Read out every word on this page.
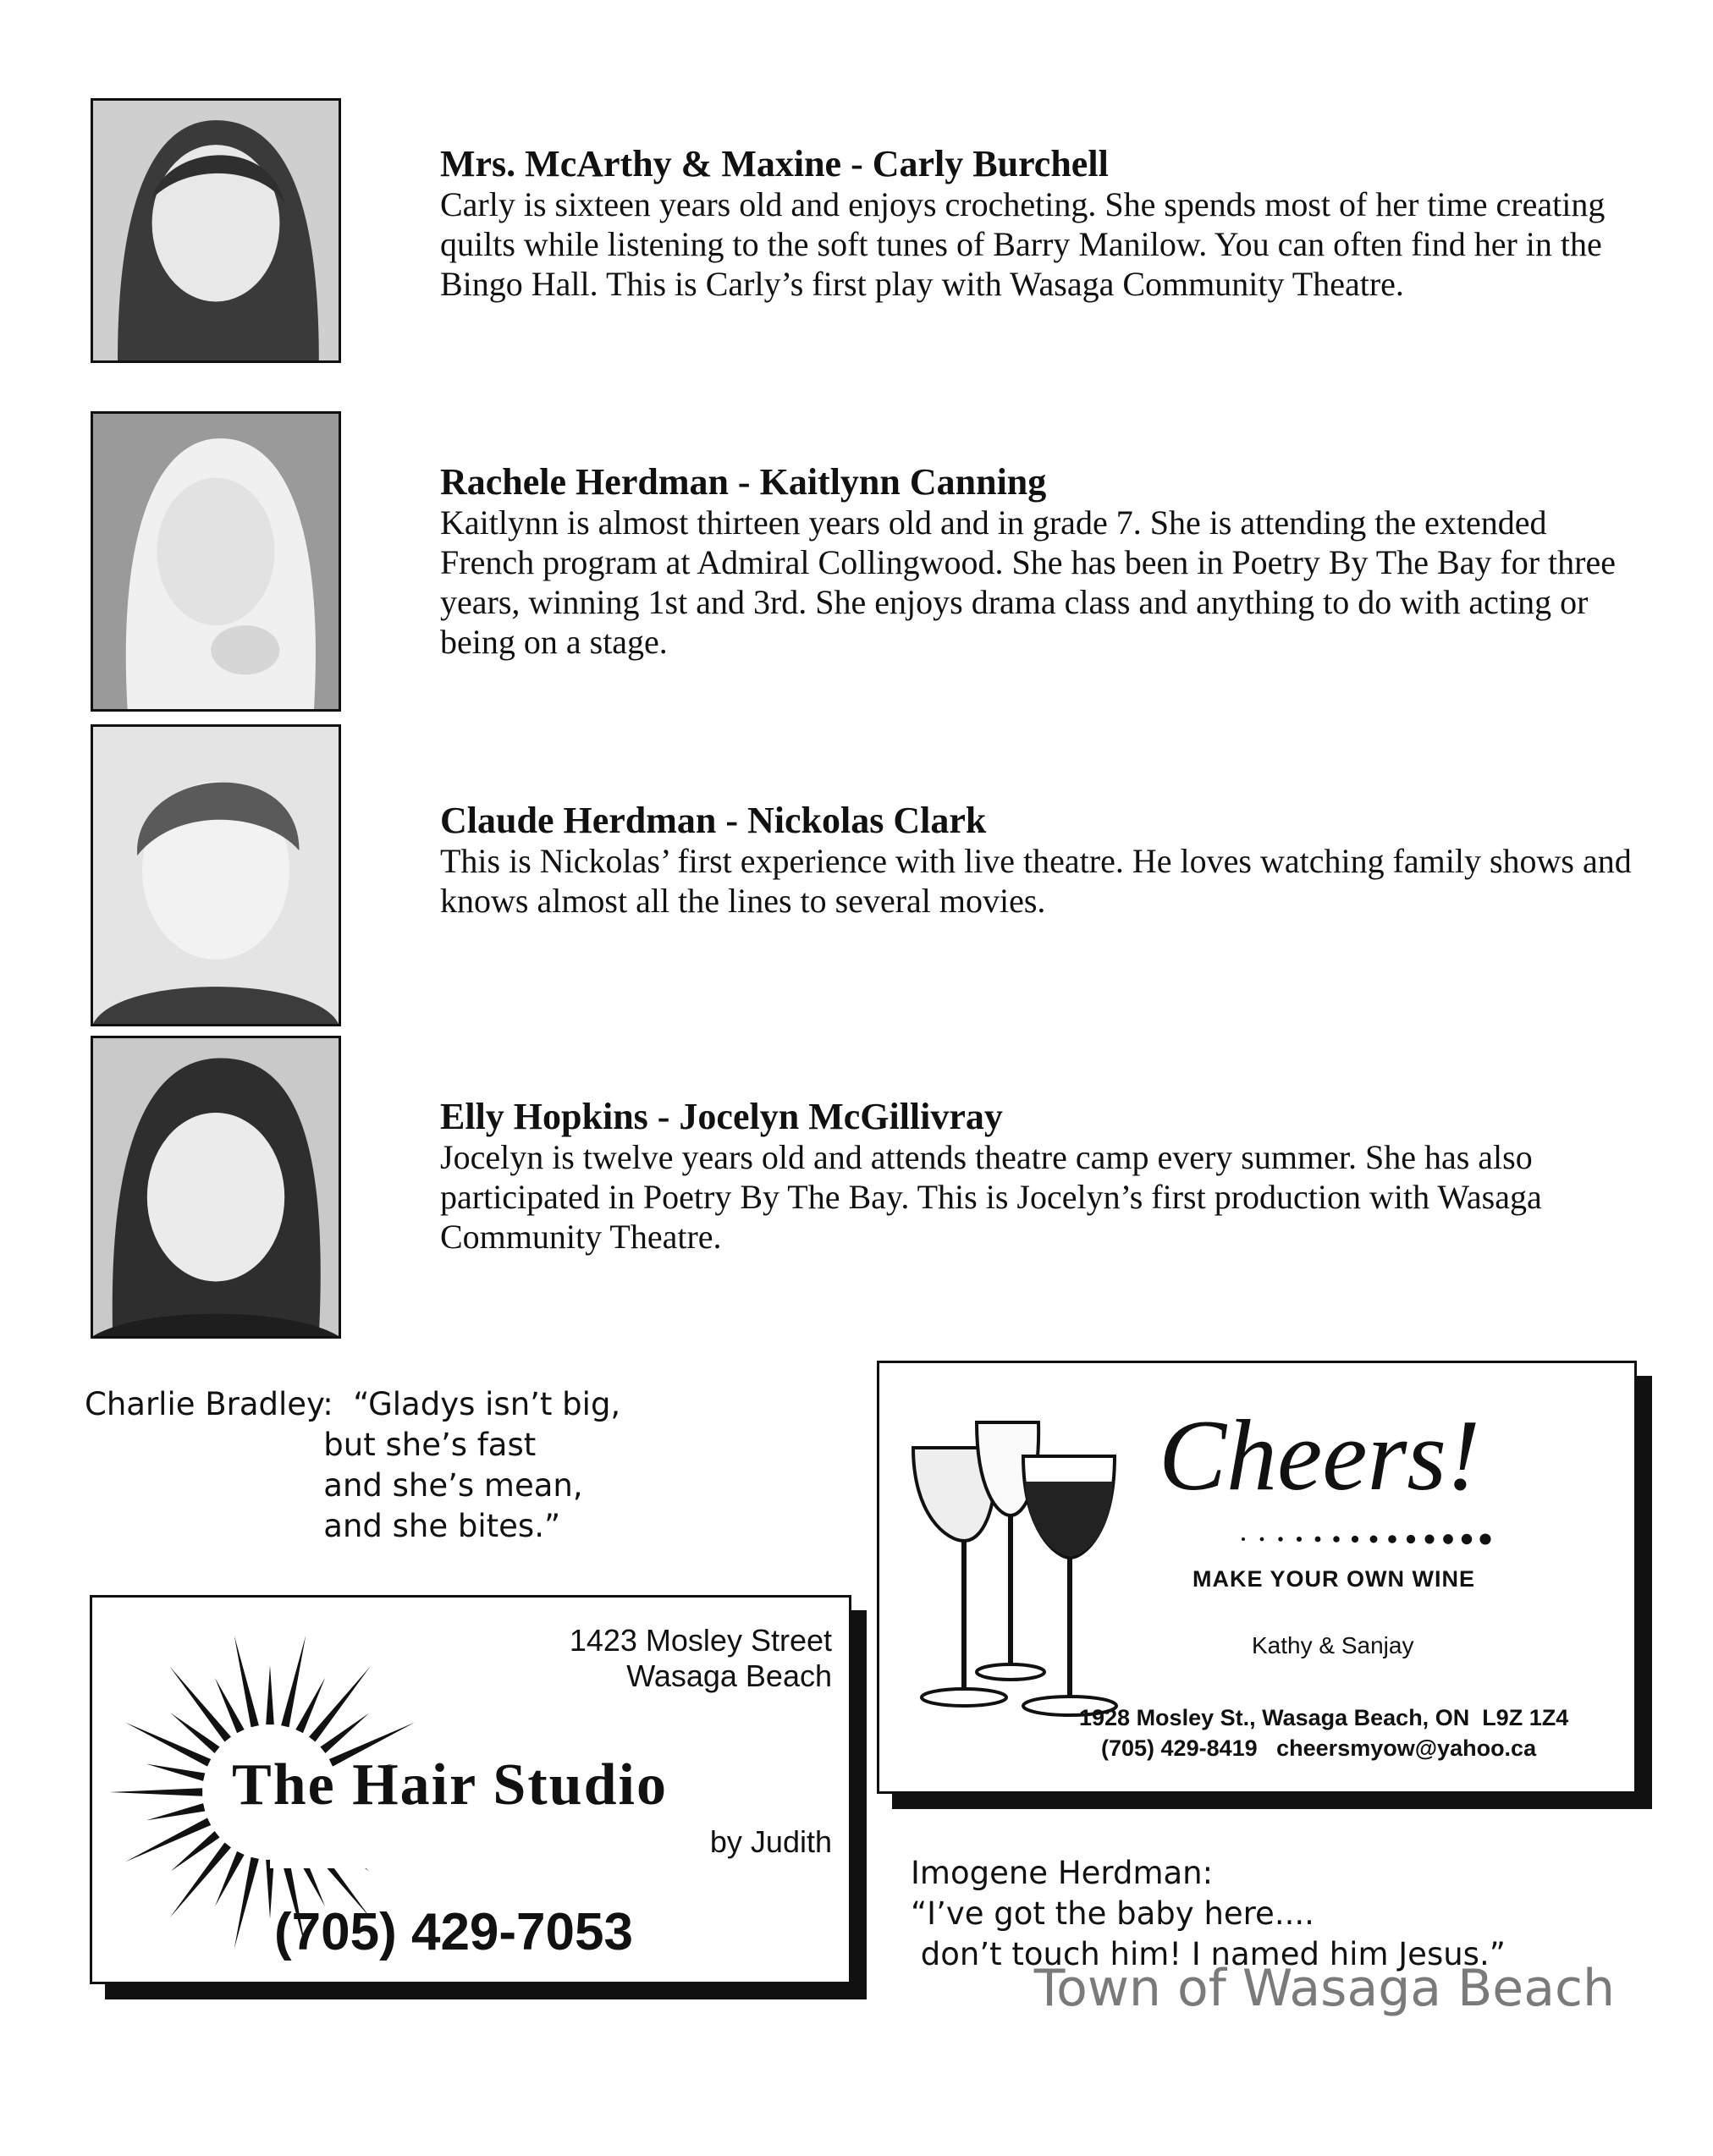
Mrs. McArthy & Maxine - Carly Burchell

Carly is sixteen years old and enjoys crocheting. She spends most of her time creating quilts while listening to the soft tunes of Barry Manilow. You can often find her in the Bingo Hall. This is Carly’s first play with Wasaga Community Theatre.

Rachele Herdman - Kaitlynn Canning

Kaitlynn is almost thirteen years old and in grade 7. She is attending the extended French program at Admiral Collingwood. She has been in Poetry By The Bay for three years, winning 1st and 3rd. She enjoys drama class and anything to do with acting or being on a stage.

Claude Herdman - Nickolas Clark

This is Nickolas’ first experience with live theatre. He loves watching family shows and knows almost all the lines to several movies.

Elly Hopkins - Jocelyn McGillivray

Jocelyn is twelve years old and attends theatre camp every summer. She has also participated in Poetry By The Bay. This is Jocelyn’s first production with Wasaga Community Theatre.

Charlie Bradley:  “Gladys isn’t big,
but she’s fast
and she’s mean,
and she bites.”
1423 Mosley Street
Wasaga Beach
The Hair Studio
by Judith
(705) 429-7053
Cheers!
MAKE YOUR OWN WINE
Kathy & Sanjay
1928 Mosley St., Wasaga Beach, ON  L9Z 1Z4
(705) 429-8419   cheersmyow@yahoo.ca
Imogene Herdman:
“I’ve got the baby here....
don’t touch him! I named him Jesus.”
Town of Wasaga Beach
